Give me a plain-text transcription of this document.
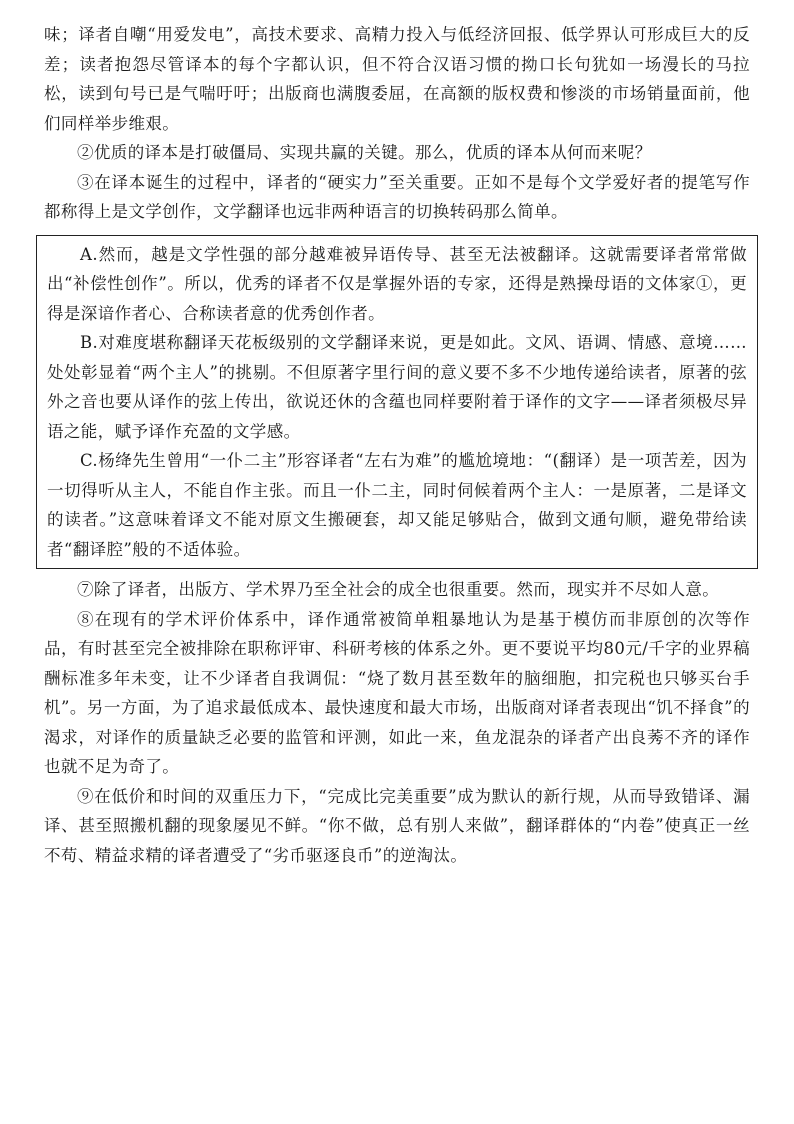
味；译者自嘲“用爱发电”，高技术要求、高精力投入与低经济回报、低学界认可形成巨大的反差；读者抱怨尽管译本的每个字都认识，但不符合汉语习惯的拗口长句犹如一场漫长的马拉松，读到句号已是气喘吁吁；出版商也满腹委屈，在高额的版权费和惨淡的市场销量面前，他们同样举步维艰。

②优质的译本是打破僵局、实现共赢的关键。那么，优质的译本从何而来呢？

③在译本诞生的过程中，译者的“硬实力”至关重要。正如不是每个文学爱好者的提笔写作都称得上是文学创作，文学翻译也远非两种语言的切换转码那么简单。

A.然而，越是文学性强的部分越难被异语传导、甚至无法被翻译。这就需要译者常常做出“补偿性创作”。所以，优秀的译者不仅是掌握外语的专家，还得是熟操母语的文体家①，更得是深谙作者心、合称读者意的优秀创作者。

B.对难度堪称翻译天花板级别的文学翻译来说，更是如此。文风、语调、情感、意境……处处彰显着“两个主人”的挑剔。不但原著字里行间的意义要不多不少地传递给读者，原著的弦外之音也要从译作的弦上传出，欲说还休的含蕴也同样要附着于译作的文字——译者须极尽异语之能，赋予译作充盈的文学感。

C.杨绛先生曾用“一仆二主”形容译者“左右为难”的尴尬境地：“(翻译）是一项苦差，因为一切得听从主人，不能自作主张。而且一仆二主，同时伺候着两个主人：一是原著，二是译文的读者。”这意味着译文不能对原文生搬硬套，却又能足够贴合，做到文通句顺，避免带给读者“翻译腔”般的不适体验。

⑦除了译者，出版方、学术界乃至全社会的成全也很重要。然而，现实并不尽如人意。

⑧在现有的学术评价体系中，译作通常被简单粗暴地认为是基于模仿而非原创的次等作品，有时甚至完全被排除在职称评审、科研考核的体系之外。更不要说平均80元/千字的业界稿酬标准多年未变，让不少译者自我调侃：“烧了数月甚至数年的脑细胞，扣完税也只够买台手机”。另一方面，为了追求最低成本、最快速度和最大市场，出版商对译者表现出“饥不择食”的渴求，对译作的质量缺乏必要的监管和评测，如此一来，鱼龙混杂的译者产出良莠不齐的译作也就不足为奇了。

⑨在低价和时间的双重压力下，“完成比完美重要”成为默认的新行规，从而导致错译、漏译、甚至照搬机翻的现象屡见不鲜。“你不做，总有别人来做”，翻译群体的“内卷”使真正一丝不苟、精益求精的译者遭受了“劣币驱逐良币”的逆淘汰。
